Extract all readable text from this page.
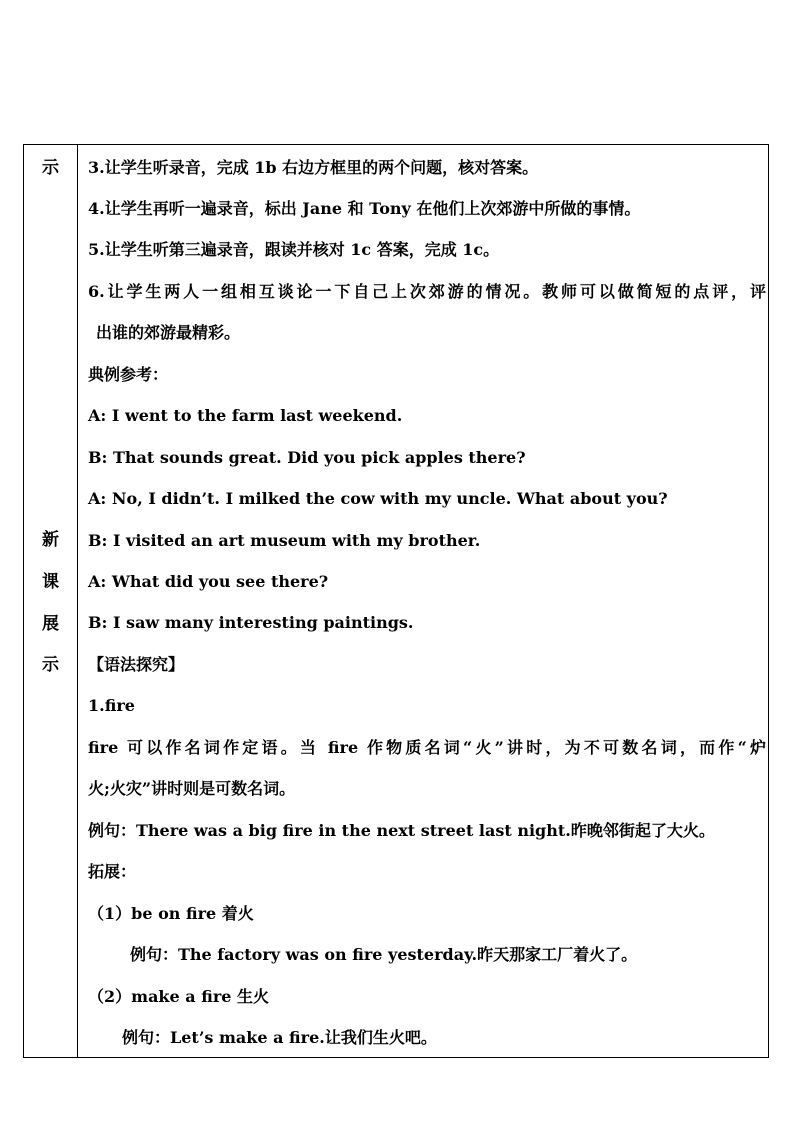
示
新
课
展
示
3.让学生听录音，完成 1b 右边方框里的两个问题，核对答案。
4.让学生再听一遍录音，标出 Jane 和 Tony 在他们上次郊游中所做的事情。
5.让学生听第三遍录音，跟读并核对 1c 答案，完成 1c。
6.让学生两人一组相互谈论一下自己上次郊游的情况。教师可以做简短的点评，评
出谁的郊游最精彩。
典例参考：
A: I went to the farm last weekend.
B: That sounds great. Did you pick apples there?
A: No, I didn’t. I milked the cow with my uncle. What about you?
B: I visited an art museum with my brother.
A: What did you see there?
B: I saw many interesting paintings.
【语法探究】
1.fire
fire 可以作名词作定语。当 fire 作物质名词“火”讲时，为不可数名词，而作“炉
火;火灾”讲时则是可数名词。
例句：There was a big fire in the next street last night.昨晚邻街起了大火。
拓展：
（1）be on fire 着火
例句：The factory was on fire yesterday.昨天那家工厂着火了。
（2）make a fire 生火
例句：Let’s make a fire.让我们生火吧。
